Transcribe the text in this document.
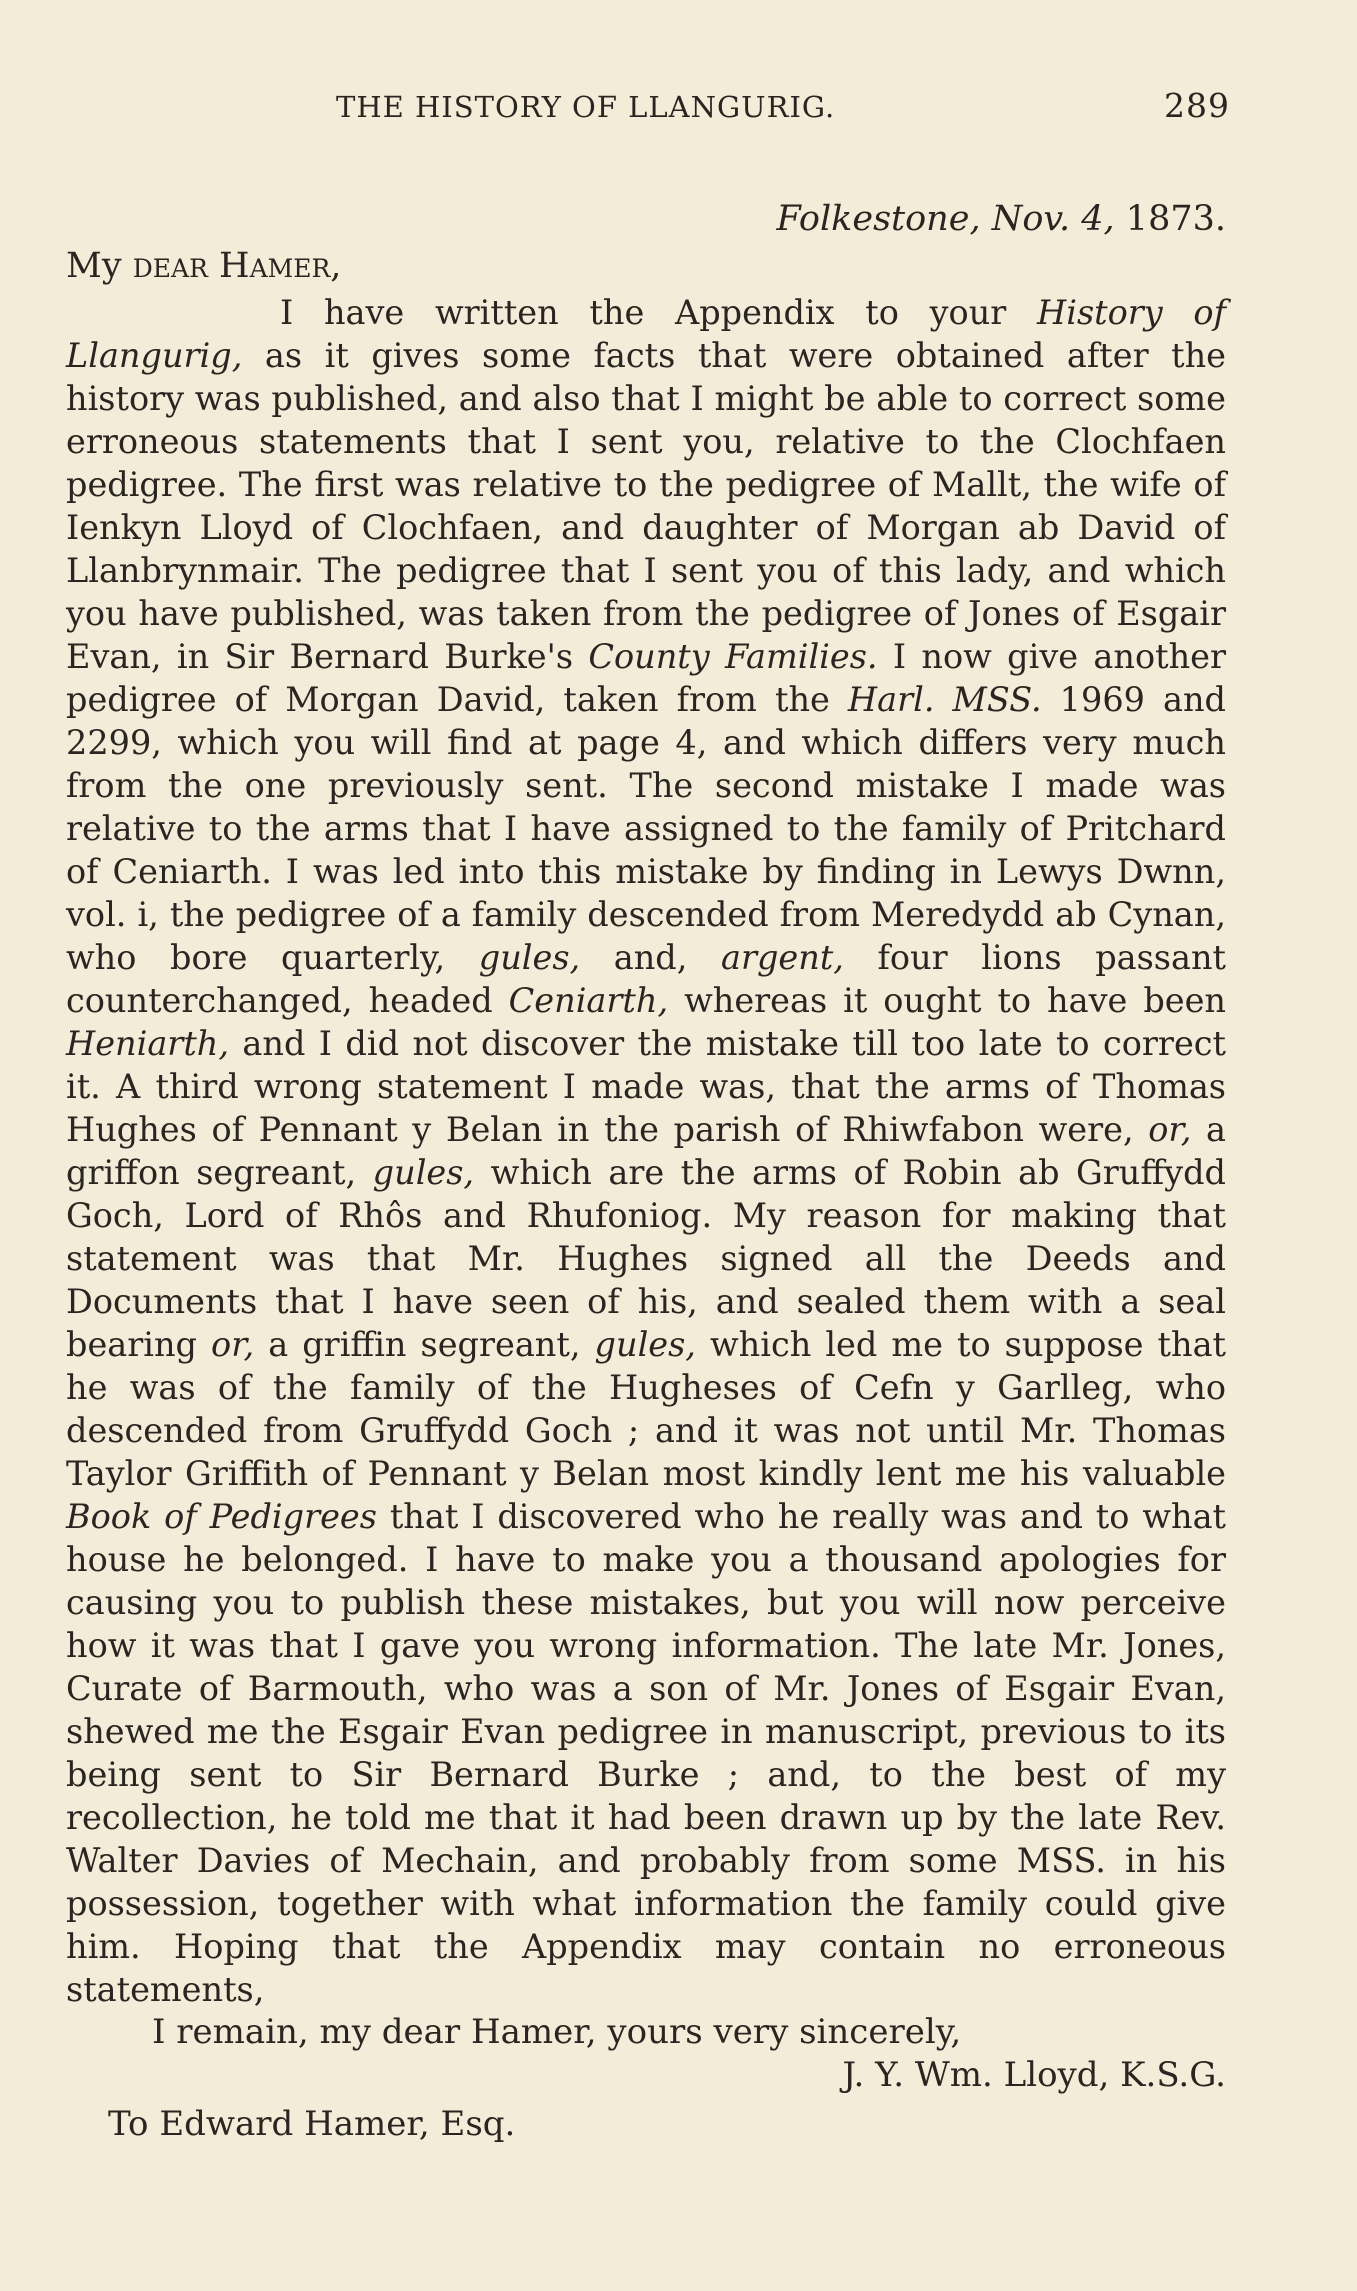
THE HISTORY OF LLANGURIG.	289
Folkestone, Nov. 4, 1873.
My dear Hamer,

I have written the Appendix to your History of Llangurig, as it gives some facts that were obtained after the history was published, and also that I might be able to correct some erroneous statements that I sent you, relative to the Clochfaen pedigree. The first was relative to the pedigree of Mallt, the wife of Ienkyn Lloyd of Clochfaen, and daughter of Morgan ab David of Llanbrynmair. The pedigree that I sent you of this lady, and which you have published, was taken from the pedigree of Jones of Esgair Evan, in Sir Bernard Burke's County Families. I now give another pedigree of Morgan David, taken from the Harl. MSS. 1969 and 2299, which you will find at page 4, and which differs very much from the one previously sent. The second mistake I made was relative to the arms that I have assigned to the family of Pritchard of Ceniarth. I was led into this mistake by finding in Lewys Dwnn, vol. i, the pedigree of a family descended from Meredydd ab Cynan, who bore quarterly, gules, and, argent, four lions passant counterchanged, headed Ceniarth, whereas it ought to have been Heniarth, and I did not discover the mistake till too late to correct it. A third wrong statement I made was, that the arms of Thomas Hughes of Pennant y Belan in the parish of Rhiwfabon were, or, a griffon segreant, gules, which are the arms of Robin ab Gruffydd Goch, Lord of Rhôs and Rhufoniog. My reason for making that statement was that Mr. Hughes signed all the Deeds and Documents that I have seen of his, and sealed them with a seal bearing or, a griffin segreant, gules, which led me to suppose that he was of the family of the Hugheses of Cefn y Garlleg, who descended from Gruffydd Goch ; and it was not until Mr. Thomas Taylor Griffith of Pennant y Belan most kindly lent me his valuable Book of Pedigrees that I discovered who he really was and to what house he belonged. I have to make you a thousand apologies for causing you to publish these mistakes, but you will now perceive how it was that I gave you wrong information. The late Mr. Jones, Curate of Barmouth, who was a son of Mr. Jones of Esgair Evan, shewed me the Esgair Evan pedigree in manuscript, previous to its being sent to Sir Bernard Burke ; and, to the best of my recollection, he told me that it had been drawn up by the late Rev. Walter Davies of Mechain, and probably from some MSS. in his possession, together with what information the family could give him. Hoping that the Appendix may contain no erroneous statements,

I remain, my dear Hamer, yours very sincerely,
J. Y. Wm. Lloyd, K.S.G.
To Edward Hamer, Esq.
